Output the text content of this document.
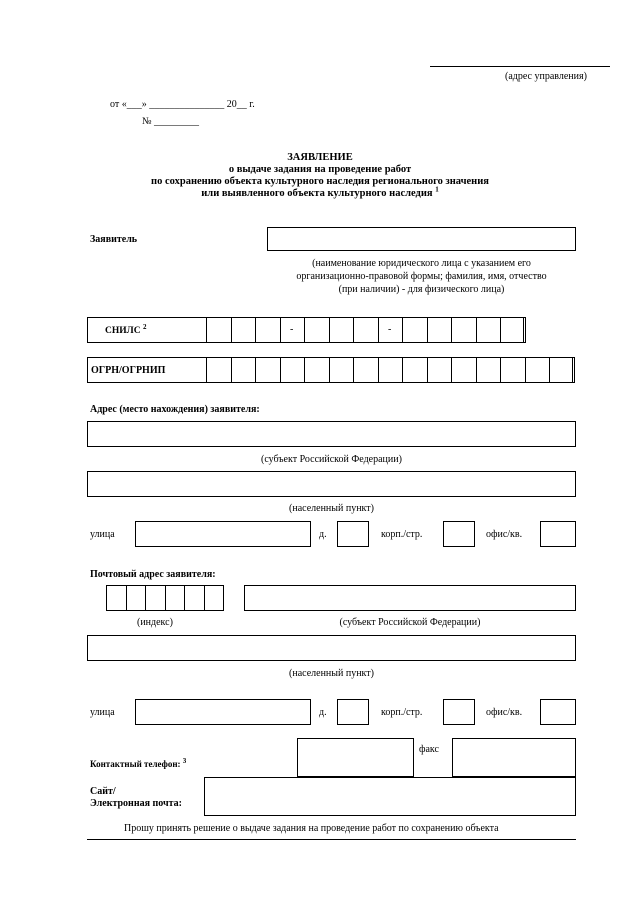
(адрес управления)
от «___» _______________ 20__ г.
№ _________
ЗАЯВЛЕНИЕ
о выдаче задания на проведение работ
по сохранению объекта культурного наследия регионального значения
или выявленного объекта культурного наследия $^1$
Заявитель
(наименование юридического лица с указанием его
организационно-правовой формы; фамилия, имя, отчество
(при наличии) - для физического лица)
СНИЛС $^2$	-	-
ОГРН/ОГРНИП
Адрес (место нахождения) заявителя:
(субъект Российской Федерации)
(населенный пункт)
улица	д.	корп./стр.	офис/кв.
Почтовый адрес заявителя:
(индекс)	(субъект Российской Федерации)
(населенный пункт)
улица	д.	корп./стр.	офис/кв.
Контактный телефон: $^3$
факс
Сайт/
Электронная почта:
Прошу принять решение о выдаче задания на проведение работ по сохранению объекта
